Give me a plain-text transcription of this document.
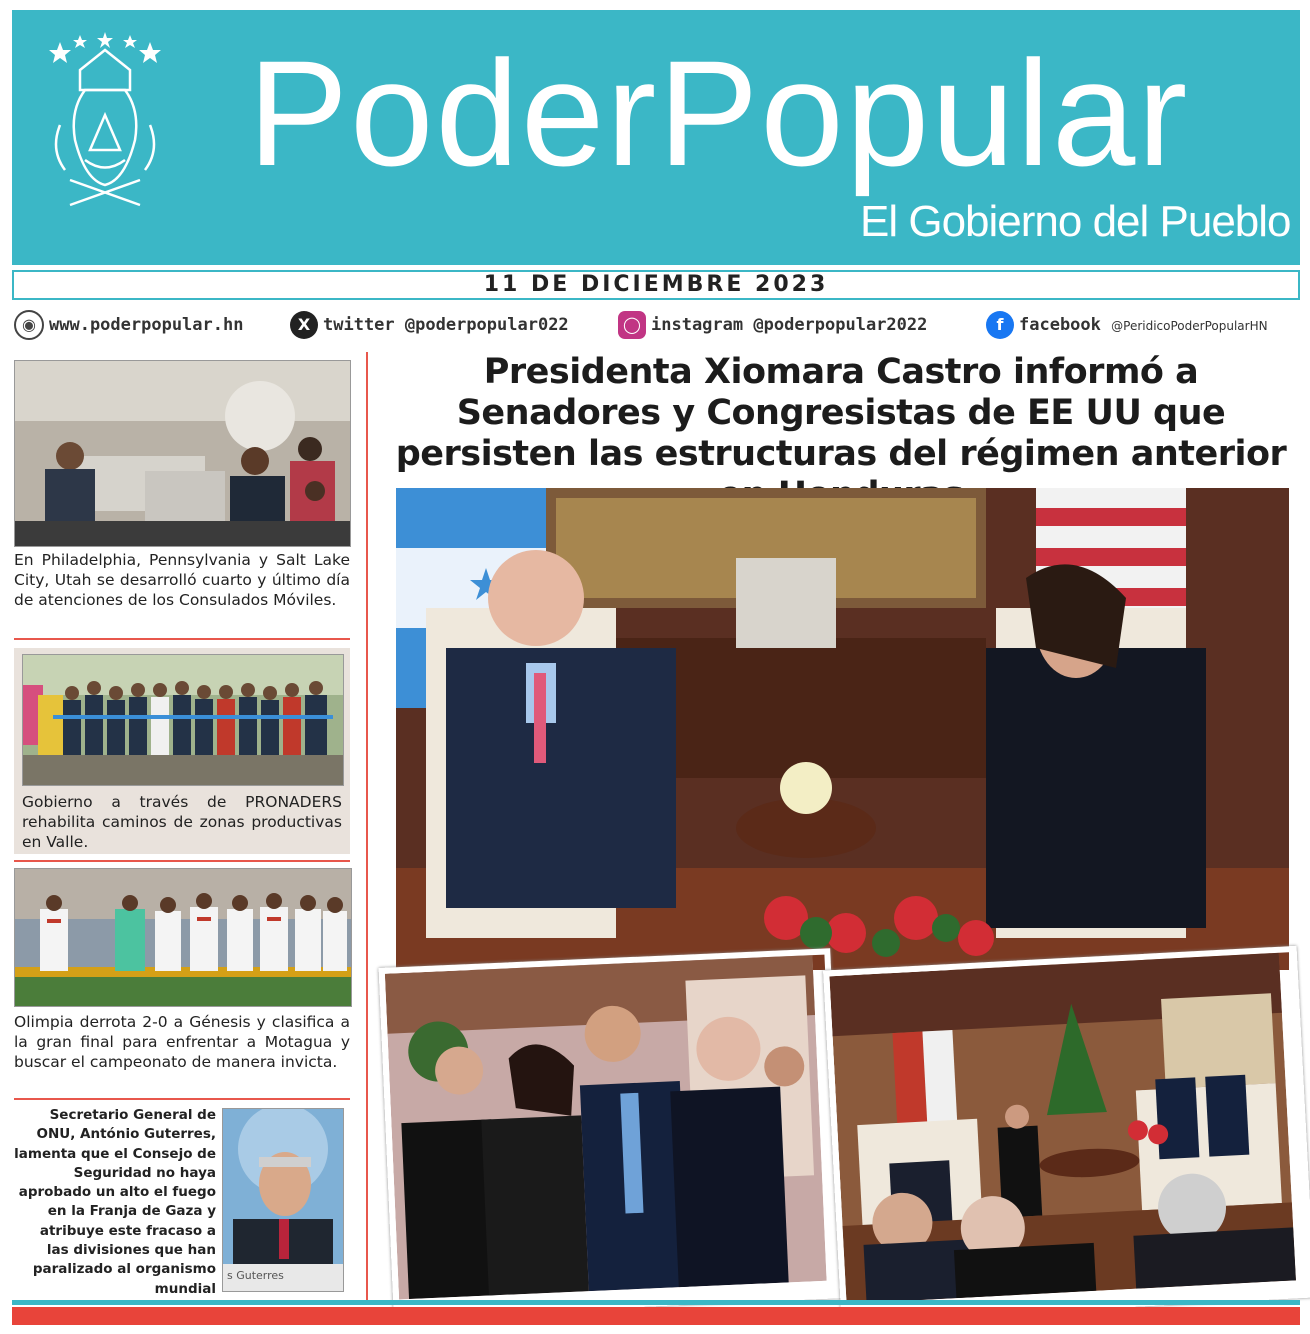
PoderPopular
El Gobierno del Pueblo
11 DE DICIEMBRE 2023
◉ www.poderpopular.hn	X twitter @poderpopular022	◯ instagram @poderpopular2022	f facebook @PeridicoPoderPopularHN
En Philadelphia, Pennsylvania y Salt Lake City, Utah se desarrolló cuarto y último día de atenciones de los Consulados Móviles.
Gobierno a través de PRONADERS rehabilita caminos de zonas productivas en Valle.
Olimpia derrota 2-0 a Génesis y clasifica a la gran final para enfrentar a Motagua y buscar el campeonato de manera invicta.
Secretario General de ONU, António Guterres, lamenta que el Consejo de Seguridad no haya aprobado un alto el fuego en la Franja de Gaza y atribuye este fracaso a las divisiones que han paralizado al organismo mundial
s Guterres
Presidenta Xiomara Castro informó a Senadores y Congresistas de EE UU que persisten las estructuras del régimen anterior
